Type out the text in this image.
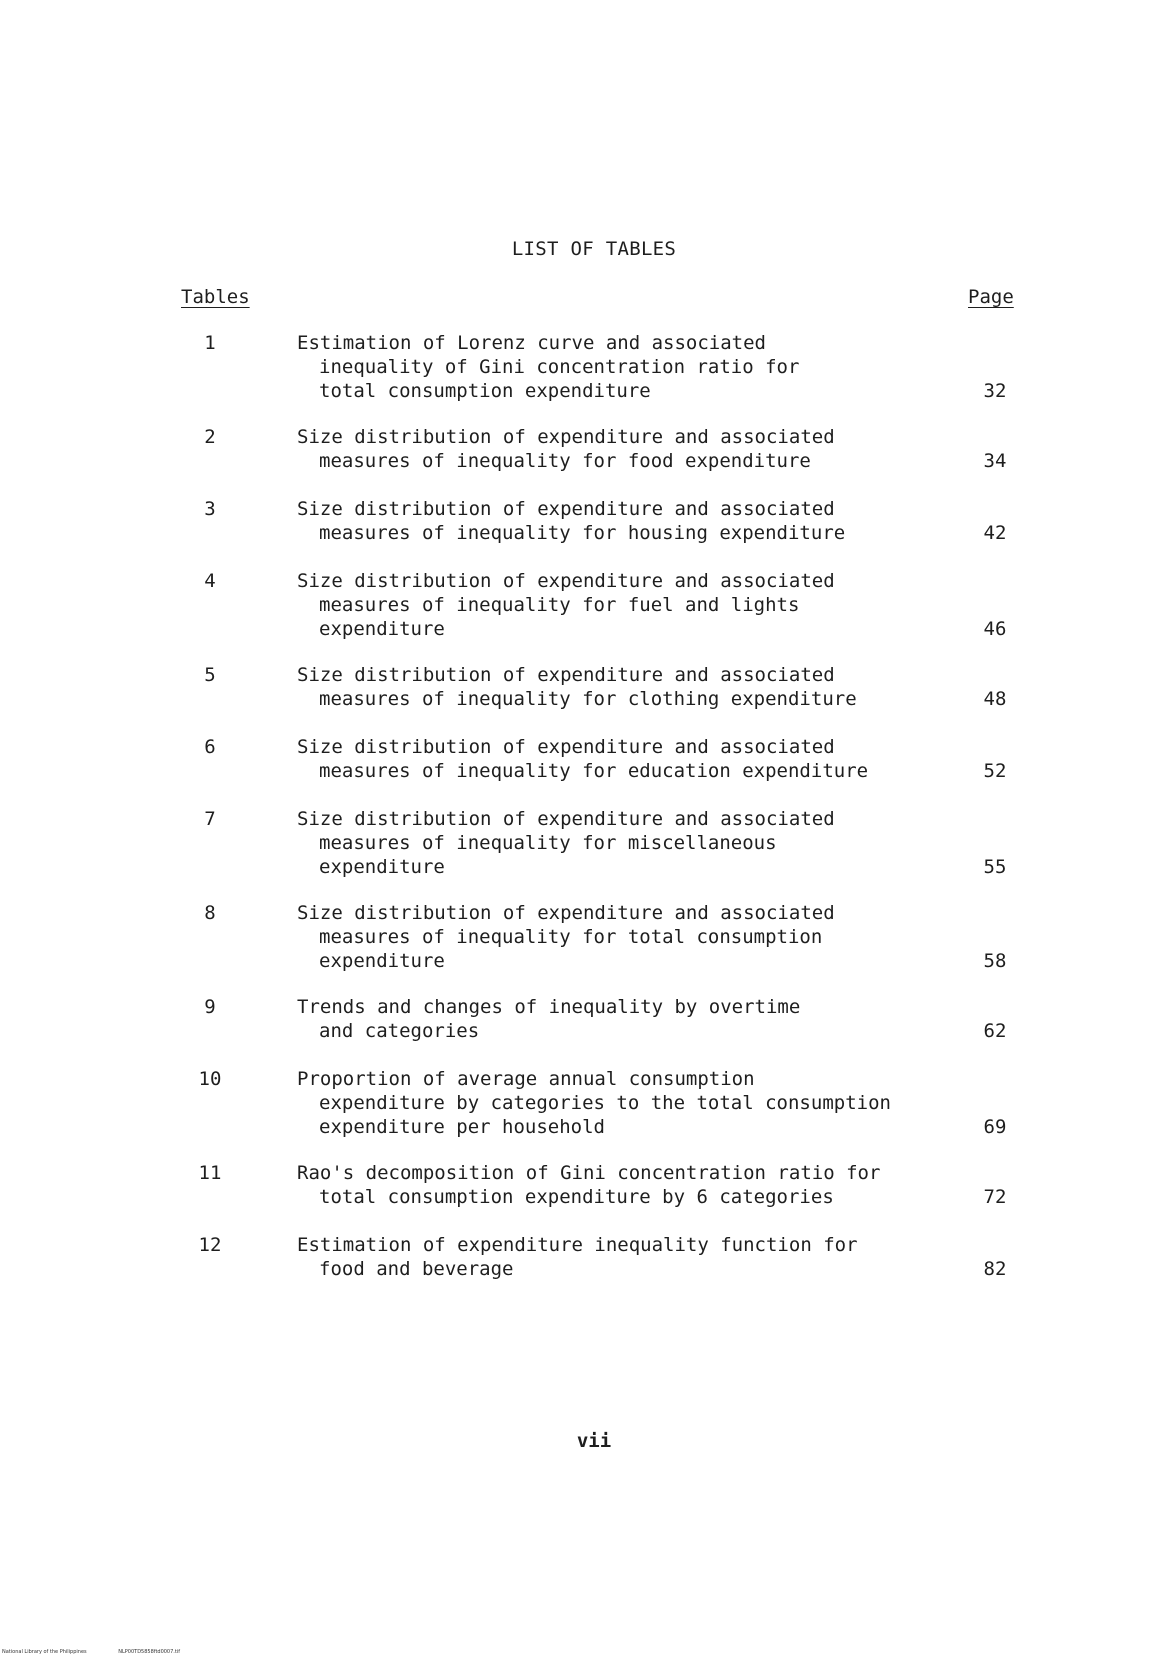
LIST OF TABLES
Tables	Page
1	Estimation of Lorenz curve and associated
inequality of Gini concentration ratio for
total consumption expenditure	32
2	Size distribution of expenditure and associated
measures of inequality for food expenditure	34
3	Size distribution of expenditure and associated
measures of inequality for housing expenditure	42
4	Size distribution of expenditure and associated
measures of inequality for fuel and lights
expenditure	46
5	Size distribution of expenditure and associated
measures of inequality for clothing expenditure	48
6	Size distribution of expenditure and associated
measures of inequality for education expenditure	52
7	Size distribution of expenditure and associated
measures of inequality for miscellaneous
expenditure	55
8	Size distribution of expenditure and associated
measures of inequality for total consumption
expenditure	58
9	Trends and changes of inequality by overtime
and categories	62
10	Proportion of average annual consumption
expenditure by categories to the total consumption
expenditure per household	69
11	Rao's decomposition of Gini concentration ratio for
total consumption expenditure by 6 categories	72
12	Estimation of expenditure inequality function for
food and beverage	82
vii
National Library of the Philippines	NLP00TD5858ftd0007.tif
